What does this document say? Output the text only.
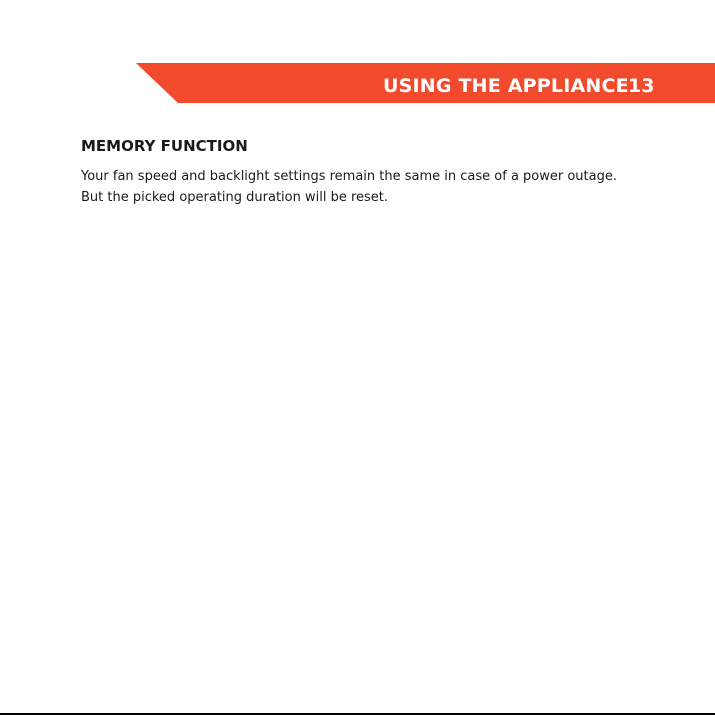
USING THE APPLIANCE 13
MEMORY FUNCTION

Your fan speed and backlight settings remain the same in case of a power outage.

But the picked operating duration will be reset.
